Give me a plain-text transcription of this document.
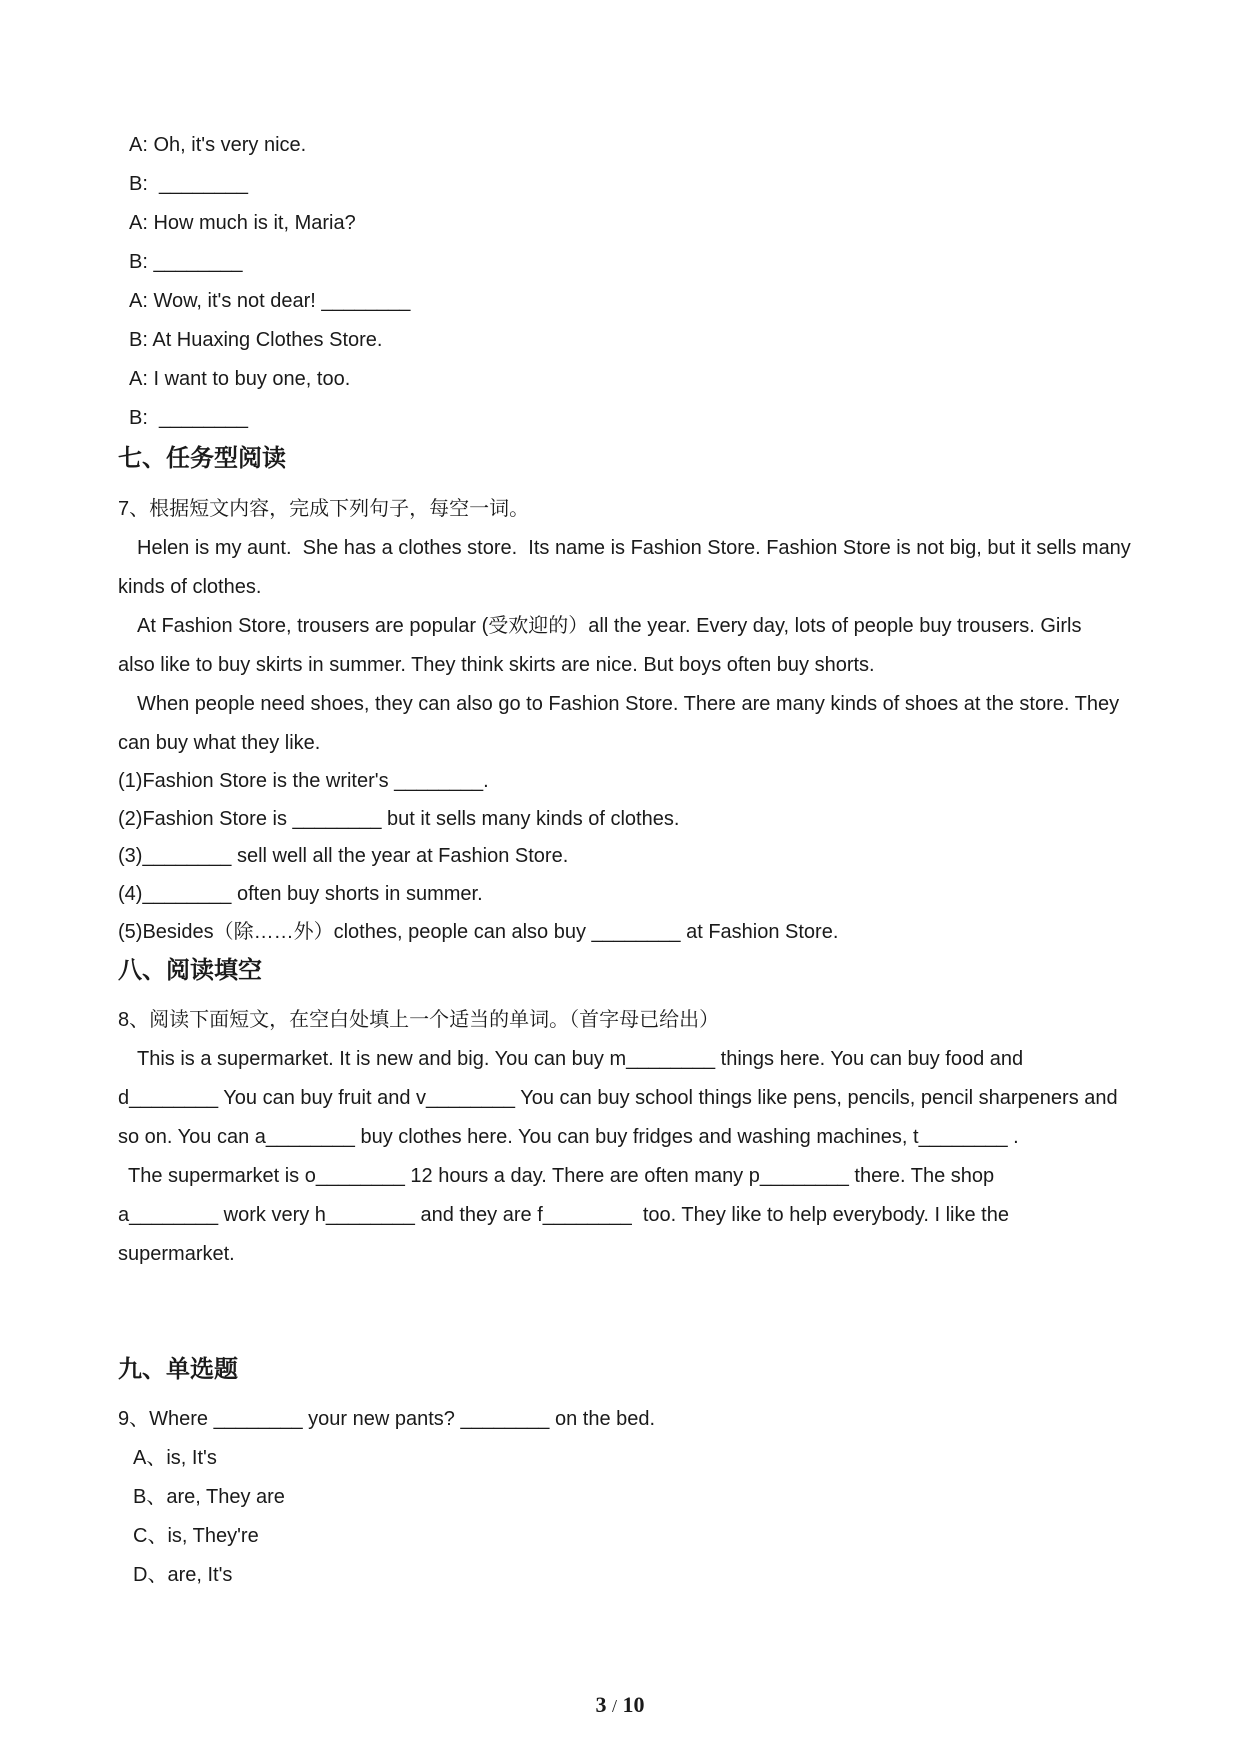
A: Oh, it's very nice.
B:  ________
A: How much is it, Maria?
B: ________
A: Wow, it's not dear! ________
B: At Huaxing Clothes Store.
A: I want to buy one, too.
B:  ________
七、任务型阅读
7、根据短文内容，完成下列句子，每空一词。
Helen is my aunt.  She has a clothes store.  Its name is Fashion Store. Fashion Store is not big, but it sells many
kinds of clothes.
At Fashion Store, trousers are popular (受欢迎的）all the year. Every day, lots of people buy trousers. Girls
also like to buy skirts in summer. They think skirts are nice. But boys often buy shorts.
When people need shoes, they can also go to Fashion Store. There are many kinds of shoes at the store. They
can buy what they like.
(1)Fashion Store is the writer's ________.
(2)Fashion Store is ________ but it sells many kinds of clothes.
(3)________ sell well all the year at Fashion Store.
(4)________ often buy shorts in summer.
(5)Besides（除……外）clothes, people can also buy ________ at Fashion Store.
八、阅读填空
8、阅读下面短文，在空白处填上一个适当的单词。（首字母已给出）
This is a supermarket. It is new and big. You can buy m________ things here. You can buy food and
d________ You can buy fruit and v________ You can buy school things like pens, pencils, pencil sharpeners and
so on. You can a________ buy clothes here. You can buy fridges and washing machines, t________ .
The supermarket is o________ 12 hours a day. There are often many p________ there. The shop
a________ work very h________ and they are f________  too. They like to help everybody. I like the
supermarket.
九、单选题
9、Where ________ your new pants? ________ on the bed.
A、is, It's
B、are, They are
C、is, They're
D、are, It's
3 / 10
